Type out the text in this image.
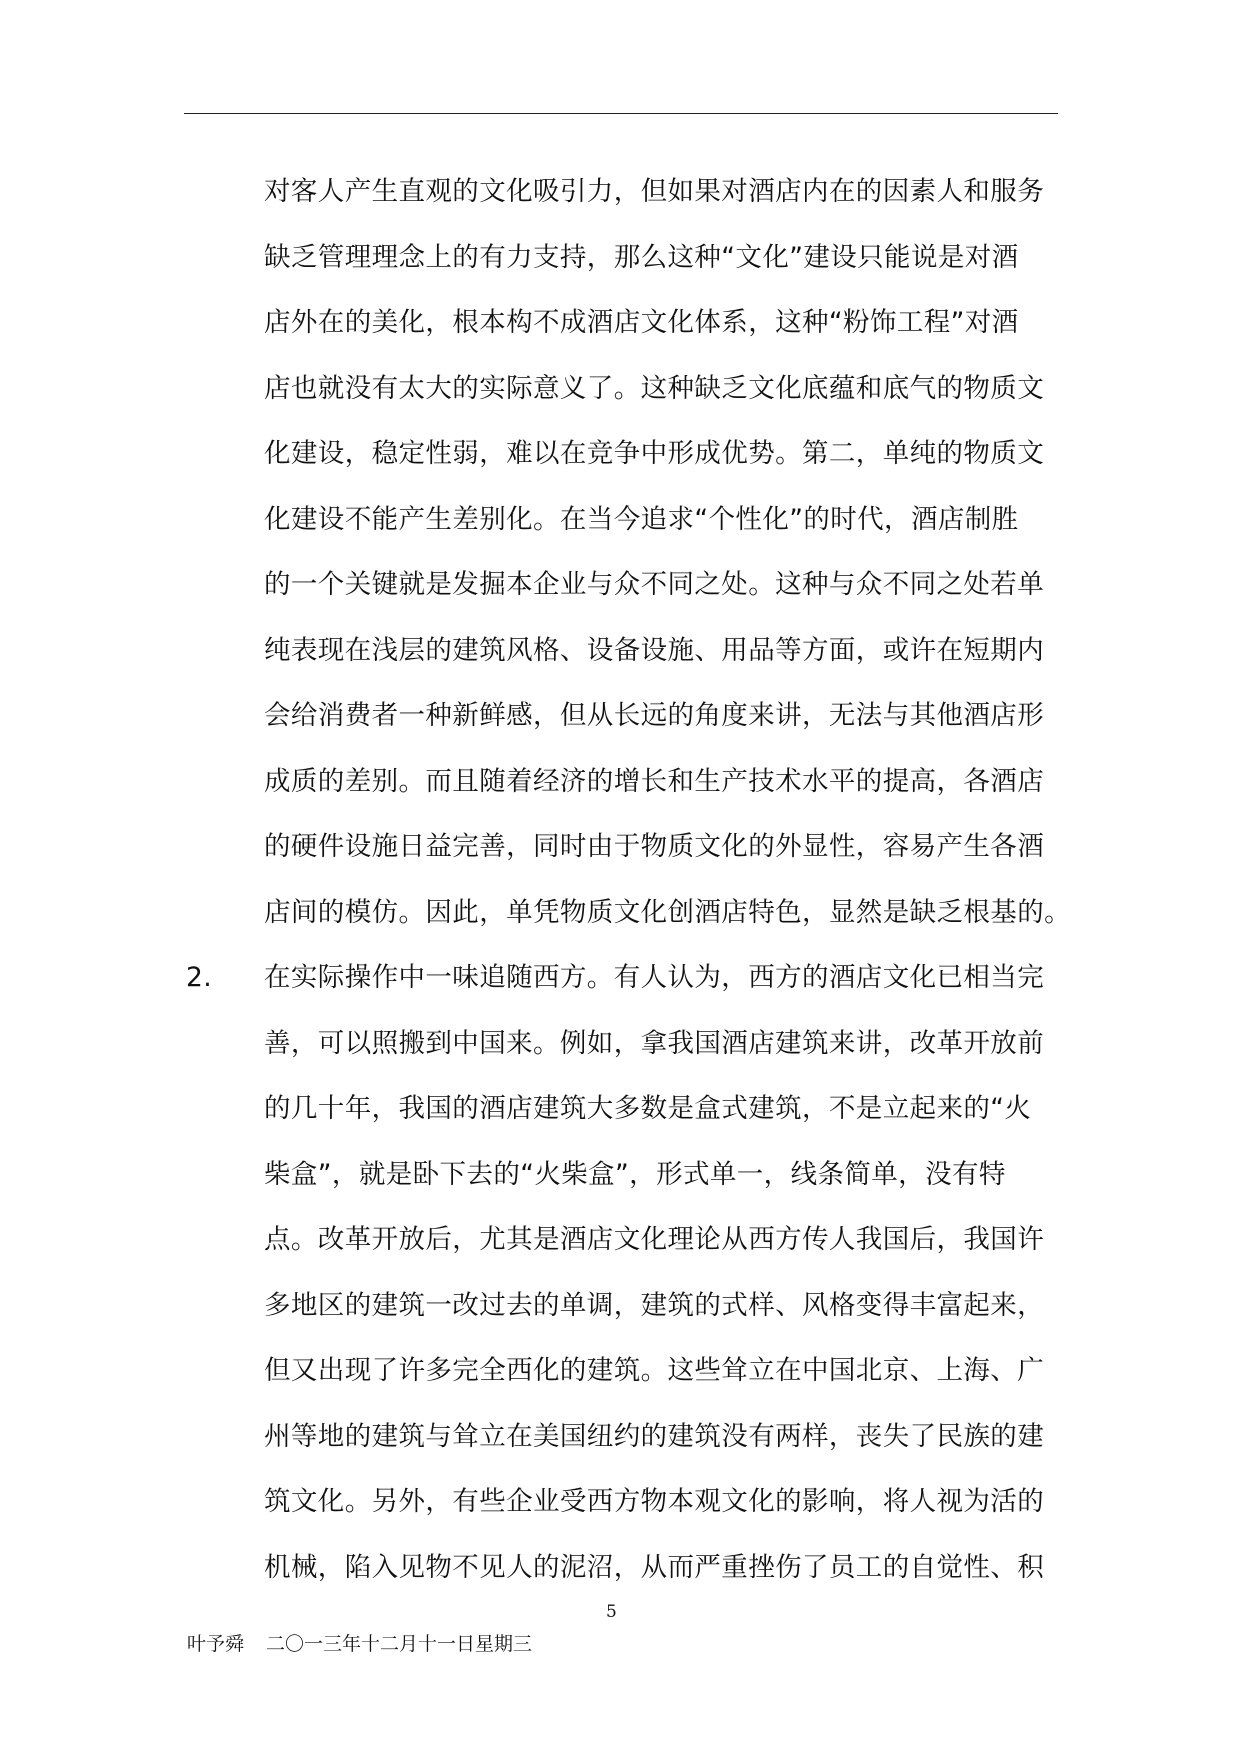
对客人产生直观的文化吸引力，但如果对酒店内在的因素人和服务
缺乏管理理念上的有力支持，那么这种“文化”建设只能说是对酒
店外在的美化，根本构不成酒店文化体系，这种“粉饰工程”对酒
店也就没有太大的实际意义了。这种缺乏文化底蕴和底气的物质文
化建设，稳定性弱，难以在竞争中形成优势。第二，单纯的物质文
化建设不能产生差别化。在当今追求“个性化”的时代，酒店制胜
的一个关键就是发掘本企业与众不同之处。这种与众不同之处若单
纯表现在浅层的建筑风格、设备设施、用品等方面，或许在短期内
会给消费者一种新鲜感，但从长远的角度来讲，无法与其他酒店形
成质的差别。而且随着经济的增长和生产技术水平的提高，各酒店
的硬件设施日益完善，同时由于物质文化的外显性，容易产生各酒
店间的模仿。因此，单凭物质文化创酒店特色，显然是缺乏根基的。
2. 在实际操作中一味追随西方。有人认为，西方的酒店文化已相当完
善，可以照搬到中国来。例如，拿我国酒店建筑来讲，改革开放前
的几十年，我国的酒店建筑大多数是盒式建筑，不是立起来的“火
柴盒”，就是卧下去的“火柴盒”，形式单一，线条简单，没有特
点。改革开放后，尤其是酒店文化理论从西方传人我国后，我国许
多地区的建筑一改过去的单调，建筑的式样、风格变得丰富起来，
但又出现了许多完全西化的建筑。这些耸立在中国北京、上海、广
州等地的建筑与耸立在美国纽约的建筑没有两样，丧失了民族的建
筑文化。另外，有些企业受西方物本观文化的影响，将人视为活的
机械，陷入见物不见人的泥沼，从而严重挫伤了员工的自觉性、积
5
叶予舜 二〇一三年十二月十一日星期三
